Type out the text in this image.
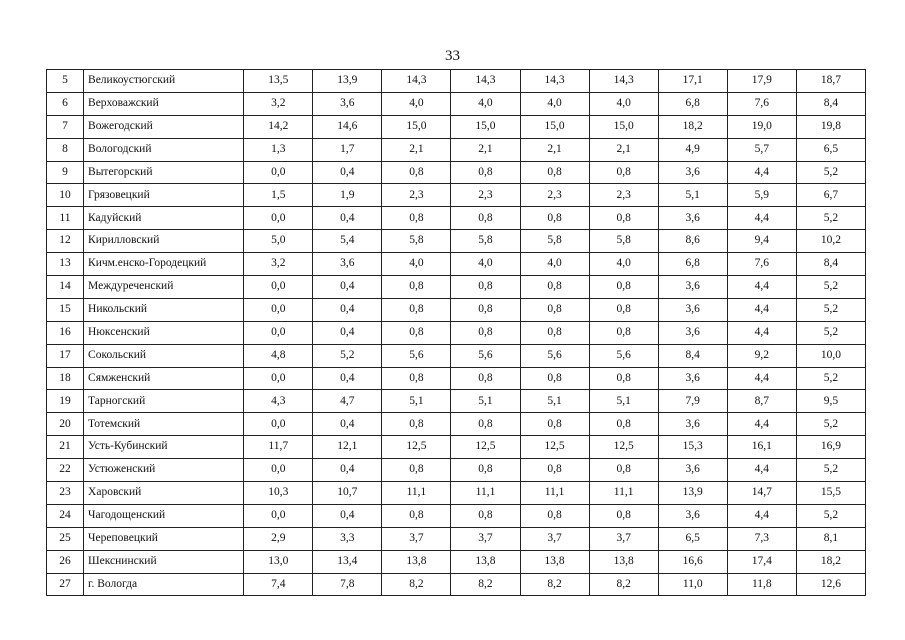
33
5	Великоустюгский	13,5	13,9	14,3	14,3	14,3	14,3	17,1	17,9	18,7
6	Верховажский	3,2	3,6	4,0	4,0	4,0	4,0	6,8	7,6	8,4
7	Вожегодский	14,2	14,6	15,0	15,0	15,0	15,0	18,2	19,0	19,8
8	Вологодский	1,3	1,7	2,1	2,1	2,1	2,1	4,9	5,7	6,5
9	Вытегорский	0,0	0,4	0,8	0,8	0,8	0,8	3,6	4,4	5,2
10	Грязовецкий	1,5	1,9	2,3	2,3	2,3	2,3	5,1	5,9	6,7
11	Кадуйский	0,0	0,4	0,8	0,8	0,8	0,8	3,6	4,4	5,2
12	Кирилловский	5,0	5,4	5,8	5,8	5,8	5,8	8,6	9,4	10,2
13	Кичм.енско-Городецкий	3,2	3,6	4,0	4,0	4,0	4,0	6,8	7,6	8,4
14	Междуреченский	0,0	0,4	0,8	0,8	0,8	0,8	3,6	4,4	5,2
15	Никольский	0,0	0,4	0,8	0,8	0,8	0,8	3,6	4,4	5,2
16	Нюксенский	0,0	0,4	0,8	0,8	0,8	0,8	3,6	4,4	5,2
17	Сокольский	4,8	5,2	5,6	5,6	5,6	5,6	8,4	9,2	10,0
18	Сямженский	0,0	0,4	0,8	0,8	0,8	0,8	3,6	4,4	5,2
19	Тарногский	4,3	4,7	5,1	5,1	5,1	5,1	7,9	8,7	9,5
20	Тотемский	0,0	0,4	0,8	0,8	0,8	0,8	3,6	4,4	5,2
21	Усть-Кубинский	11,7	12,1	12,5	12,5	12,5	12,5	15,3	16,1	16,9
22	Устюженский	0,0	0,4	0,8	0,8	0,8	0,8	3,6	4,4	5,2
23	Харовский	10,3	10,7	11,1	11,1	11,1	11,1	13,9	14,7	15,5
24	Чагодощенский	0,0	0,4	0,8	0,8	0,8	0,8	3,6	4,4	5,2
25	Череповецкий	2,9	3,3	3,7	3,7	3,7	3,7	6,5	7,3	8,1
26	Шекснинский	13,0	13,4	13,8	13,8	13,8	13,8	16,6	17,4	18,2
27	г. Вологда	7,4	7,8	8,2	8,2	8,2	8,2	11,0	11,8	12,6
